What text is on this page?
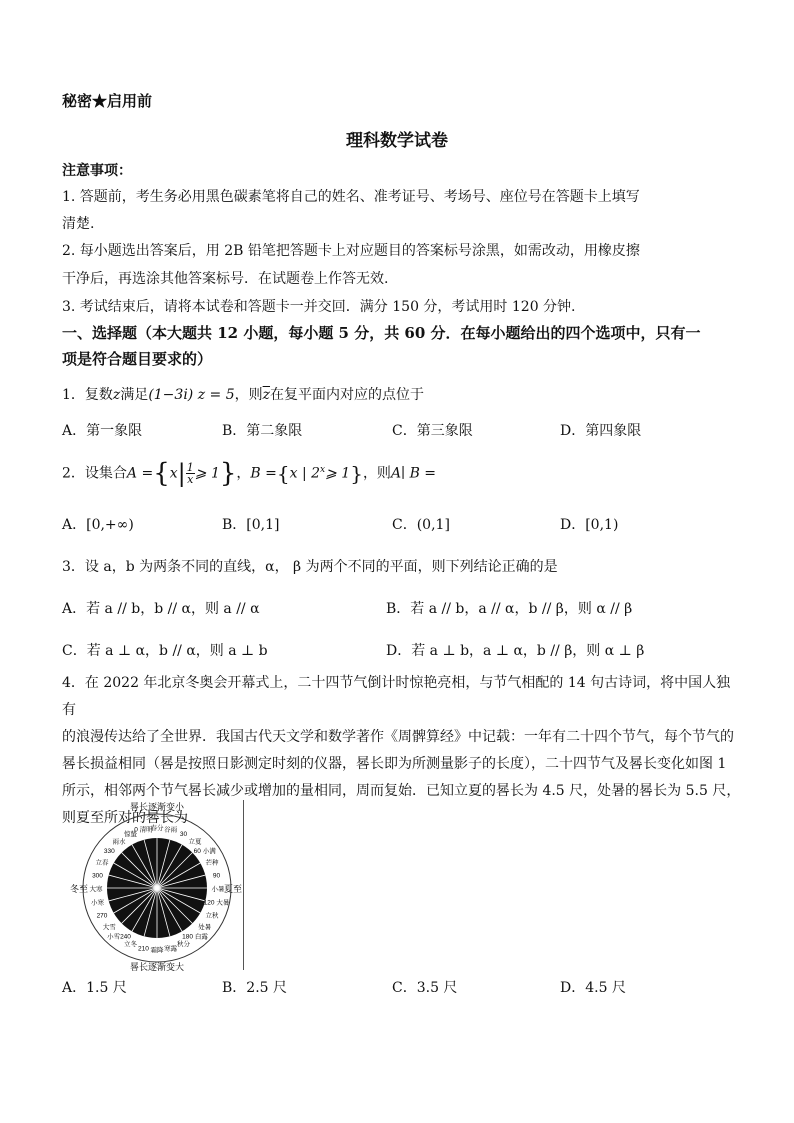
秘密★启用前
理科数学试卷
注意事项：
1. 答题前，考生务必用黑色碳素笔将自己的姓名、准考证号、考场号、座位号在答题卡上填写
清楚.
2. 每小题选出答案后，用 2B 铅笔把答题卡上对应题目的答案标号涂黑，如需改动，用橡皮擦
干净后，再选涂其他答案标号．在试题卷上作答无效.
3. 考试结束后，请将本试卷和答题卡一并交回．满分 150 分，考试用时 120 分钟.
一、选择题（本大题共 12 小题，每小题 5 分，共 60 分．在每小题给出的四个选项中，只有一
项是符合题目要求的）
1．复数z满足(1−3i) z = 5，则$\overline{z}$在复平面内对应的点位于
A．第一象限	B．第二象限	C．第三象限	D．第四象限
2．设集合$A =\{x| \frac{1}{x}$ ⩾ 1}，B ={x | 2$^x$⩾ 1}，则A∣ B =
A．[0,+∞)	B．[0,1]	C．(0,1]	D．[0,1)
3．设 a，b 为两条不同的直线，α， β 为两个不同的平面，则下列结论正确的是
A．若 a // b，b // α，则 a // α	B．若 a // b，a // α，b // β，则 α // β
C．若 a ⊥ α，b // α，则 a ⊥ b	D．若 a ⊥ b，a ⊥ α，b // β，则 α ⊥ β
4．在 2022 年北京冬奥会开幕式上，二十四节气倒计时惊艳亮相，与节气相配的 14 句古诗词，将中国人独有
的浪漫传达给了全世界．我国古代天文学和数学著作《周髀算经》中记载：一年有二十四个节气，每个节气的
晷长损益相同（晷是按照日影测定时刻的仪器，晷长即为所测量影子的长度），二十四节气及晷长变化如图 1
所示，相邻两个节气晷长减少或增加的量相同，周而复始．已知立夏的晷长为 4.5 尺，处暑的晷长为 5.5 尺，
则夏至所对的晷长为
晷长逐渐变小
晷长逐渐变大
冬至	夏至
春分 谷雨
30
立夏
60 小满
芒种
90
小暑
120 大暑
立秋
处暑
180 白露
秋分
寒露
霜降
210
立冬
小雪240
大雪
270
小寒
大寒
300
立春
330
雨水
惊蛰
0 清明
A．1.5 尺	B．2.5 尺	C．3.5 尺	D．4.5 尺
